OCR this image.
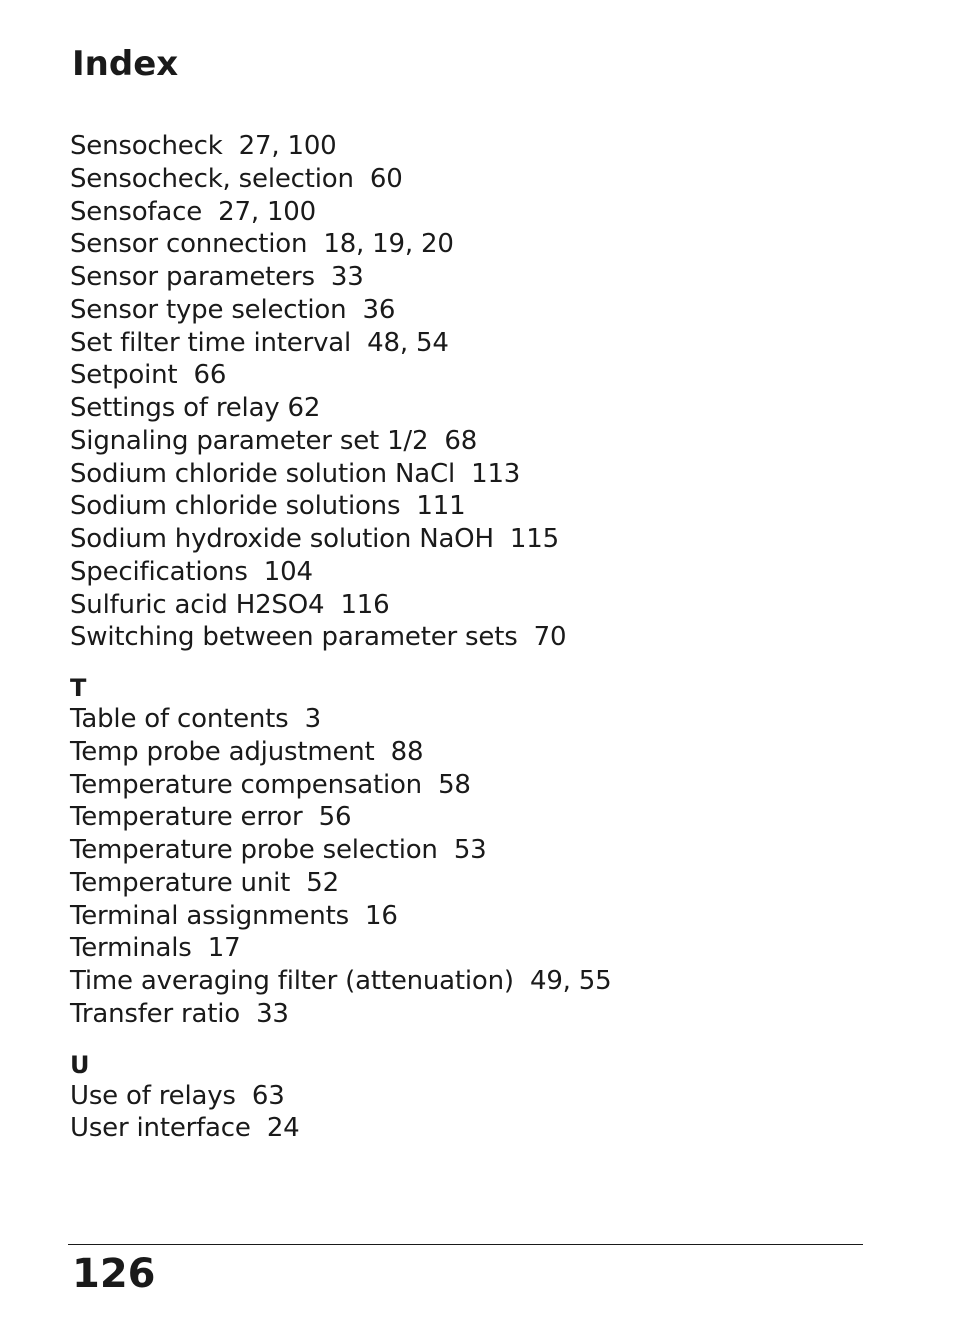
Index
Sensocheck  27, 100
Sensocheck, selection  60
Sensoface  27, 100
Sensor connection  18, 19, 20
Sensor parameters  33
Sensor type selection  36
Set filter time interval  48, 54
Setpoint  66
Settings of relay 62
Signaling parameter set 1/2  68
Sodium chloride solution NaCl  113
Sodium chloride solutions  111
Sodium hydroxide solution NaOH  115
Specifications  104
Sulfuric acid H2SO4  116
Switching between parameter sets  70
T
Table of contents  3
Temp probe adjustment  88
Temperature compensation  58
Temperature error  56
Temperature probe selection  53
Temperature unit  52
Terminal assignments  16
Terminals  17
Time averaging filter (attenuation)  49, 55
Transfer ratio  33
U
Use of relays  63
User interface  24
126
